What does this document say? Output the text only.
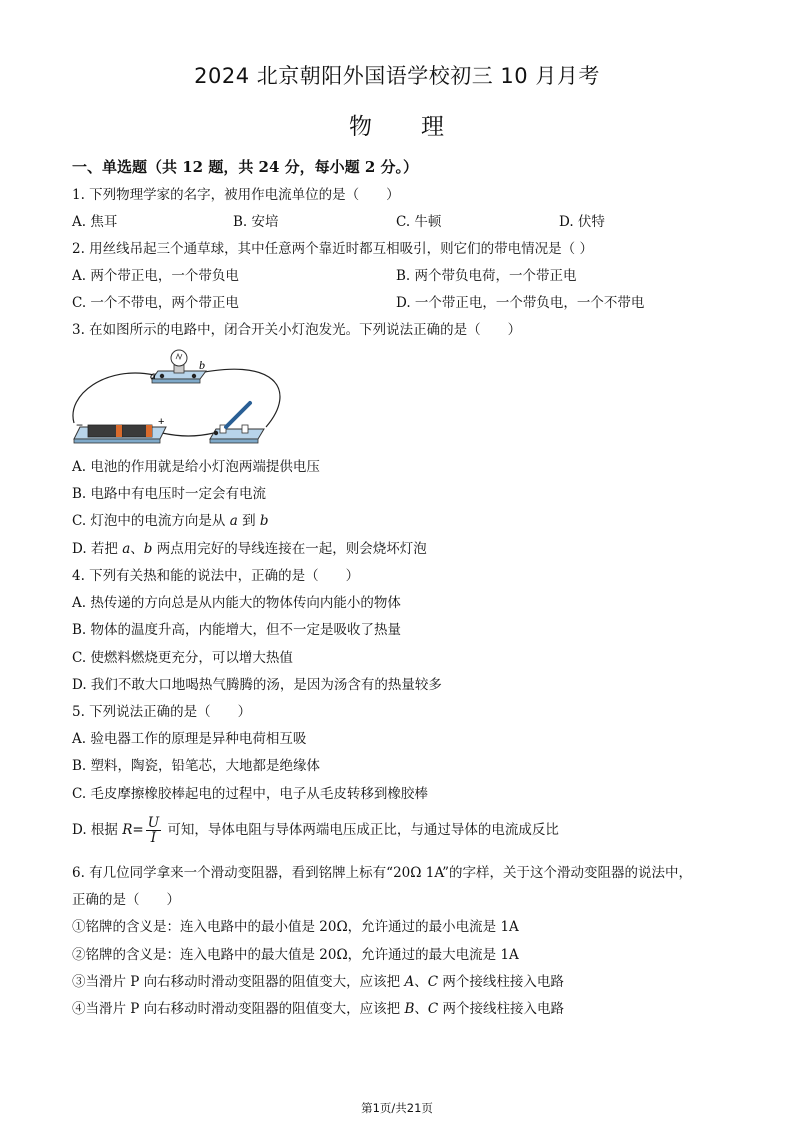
2024 北京朝阳外国语学校初三 10 月月考
物　　理
一、单选题（共 12 题，共 24 分，每小题 2 分。）
1. 下列物理学家的名字，被用作电流单位的是（　　）
A. 焦耳	B. 安培	C. 牛顿	D. 伏特
2. 用丝线吊起三个通草球，其中任意两个靠近时都互相吸引，则它们的带电情况是（ ）
A. 两个带正电，一个带负电	B. 两个带负电荷，一个带正电
C. 一个不带电，两个带正电	D. 一个带正电，一个带负电，一个不带电
3. 在如图所示的电路中，闭合开关小灯泡发光。下列说法正确的是（　　）
a
b
−	+
A. 电池的作用就是给小灯泡两端提供电压
B. 电路中有电压时一定会有电流
C. 灯泡中的电流方向是从 a 到 b
D. 若把 a、b 两点用完好的导线连接在一起，则会烧坏灯泡
4. 下列有关热和能的说法中，正确的是（　　）
A. 热传递的方向总是从内能大的物体传向内能小的物体
B. 物体的温度升高，内能增大，但不一定是吸收了热量
C. 使燃料燃烧更充分，可以增大热值
D. 我们不敢大口地喝热气腾腾的汤，是因为汤含有的热量较多
5. 下列说法正确的是（　　）
A. 验电器工作的原理是异种电荷相互吸
B. 塑料，陶瓷，铅笔芯，大地都是绝缘体
C. 毛皮摩擦橡胶棒起电的过程中，电子从毛皮转移到橡胶棒
D. 根据 $R= \frac{U}{I}$ 可知，导体电阻与导体两端电压成正比，与通过导体的电流成反比
6. 有几位同学拿来一个滑动变阻器，看到铭牌上标有“20Ω 1A”的字样，关于这个滑动变阻器的说法中，
正确的是（　　）
①铭牌的含义是：连入电路中的最小值是 20Ω，允许通过的最小电流是 1A
②铭牌的含义是：连入电路中的最大值是 20Ω，允许通过的最大电流是 1A
③当滑片 P 向右移动时滑动变阻器的阻值变大，应该把 A、C 两个接线柱接入电路
④当滑片 P 向右移动时滑动变阻器的阻值变大，应该把 B、C 两个接线柱接入电路
第1页/共21页
